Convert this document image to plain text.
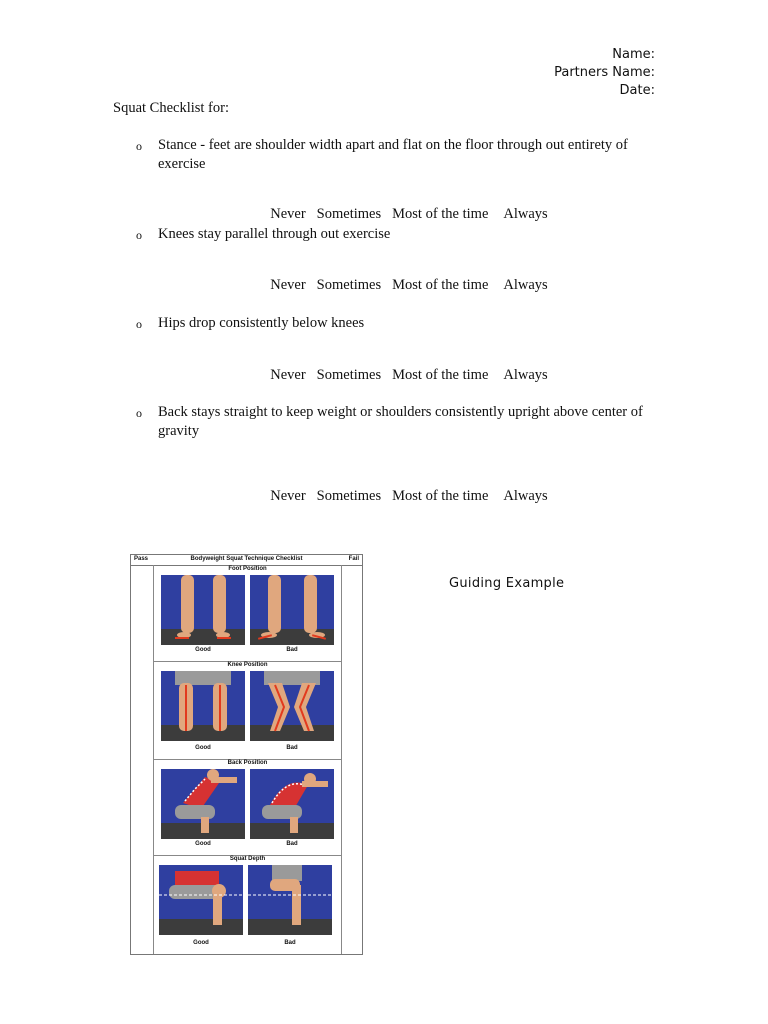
Name:
Partners Name:
Date:
Squat Checklist for:
o Stance - feet are shoulder width apart and flat on the floor through out entirety of exercise

Never Sometimes Most of the time Always

o Knees stay parallel through out exercise

Never Sometimes Most of the time Always

o Hips drop consistently below knees

Never Sometimes Most of the time Always

o Back stays straight to keep weight or shoulders consistently upright above center of gravity

Never Sometimes Most of the time Always

Pass	Bodyweight Squat Technique Checklist	Fail
Foot Position
Good	Bad
Knee Position
Good	Bad
Back Position
Good	Bad
Squat Depth
Good	Bad
Guiding Example
